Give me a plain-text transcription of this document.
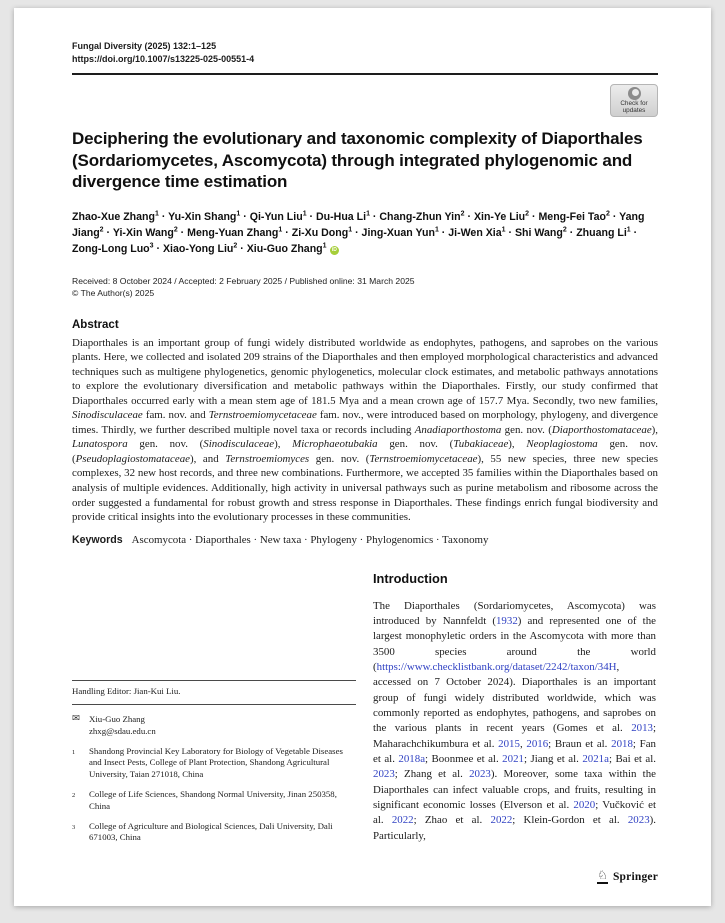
Fungal Diversity (2025) 132:1–125
https://doi.org/10.1007/s13225-025-00551-4
Check for
updates
Deciphering the evolutionary and taxonomic complexity of Diaporthales (Sordariomycetes, Ascomycota) through integrated phylogenomic and divergence time estimation
Zhao-Xue Zhang$^1$ · Yu-Xin Shang$^1$ · Qi-Yun Liu$^1$ · Du-Hua $Li^1$ · Chang-Zhun Yin$^2$ · Xin-Ye Liu$^2$ · Meng-Fei Tao$^2$ · Yang Jiang$^2$ · Yi-Xin Wang$^2$ · Meng-Yuan Zhang$^1$ · Zi-Xu Dong$^1$ · Jing-Xuan Yun$^1$ · Ji-Wen Xia$^1$ · Shi Wang$^2$ · Zhuang $Li^1$ · Zong-Long Luo$^3$ · Xiao-Yong Liu$^2$ · Xiu-Guo Zhang$^1$iD
Received: 8 October 2024 / Accepted: 2 February 2025 / Published online: 31 March 2025
© The Author(s) 2025
Abstract
Diaporthales is an important group of fungi widely distributed worldwide as endophytes, pathogens, and saprobes on the various plants. Here, we collected and isolated 209 strains of the Diaporthales and then employed morphological characteristics and advanced techniques such as multigene phylogenetics, genomic phylogenetics, molecular clock estimates, and metabolic pathways annotations to explore the evolutionary diversification and metabolic pathways within the Diaporthales. Firstly, our study confirmed that Diaporthales occurred early with a mean stem age of 181.5 Mya and a mean crown age of 157.7 Mya. Secondly, two new families, Sinodisculaceae fam. nov. and Ternstroemiomycetaceae fam. nov., were introduced based on morphology, phylogeny, and divergence times. Thirdly, we further described multiple novel taxa or records including Anadiaporthostoma gen. nov. (Diaporthostomataceae), Lunatospora gen. nov. (Sinodisculaceae), Microphaeotubakia gen. nov. (Tubakiaceae), Neoplagiostoma gen. nov. (Pseudoplagiostomataceae), and Ternstroemiomyces gen. nov. (Ternstroemiomycetaceae), 55 new species, three new species complexes, 32 new host records, and three new combinations. Furthermore, we accepted 35 families within the Diaporthales based on analysis of multiple evidences. Additionally, high activity in universal pathways such as purine metabolism and ribosome across the order suggested a fundamental for robust growth and stress response in Diaporthales. These findings enrich fungal biodiversity and provide critical insights into the evolutionary processes in these communities.
Keywords Ascomycota · Diaporthales · New taxa · Phylogeny · Phylogenomics · Taxonomy
Handling Editor: Jian-Kui Liu.
✉	Xiu-Guo Zhang
zhxg@sdau.edu.cn
1	Shandong Provincial Key Laboratory for Biology of Vegetable Diseases and Insect Pests, College of Plant Protection, Shandong Agricultural University, Taian 271018, China
2	College of Life Sciences, Shandong Normal University, Jinan 250358, China
3	College of Agriculture and Biological Sciences, Dali University, Dali 671003, China
Introduction
The Diaporthales (Sordariomycetes, Ascomycota) was introduced by Nannfeldt (1932) and represented one of the largest monophyletic orders in the Ascomycota with more than 3500 species around the world (https://www.checklistbank.org/dataset/2242/taxon/34H, accessed on 7 October 2024). Diaporthales is an important group of fungi widely distributed worldwide, which was commonly reported as endophytes, pathogens, and saprobes on the various plants in recent years (Gomes et al. 2013; Maharachchikumbura et al. 2015, 2016; Braun et al. 2018; Fan et al. 2018a; Boonmee et al. 2021; Jiang et al. 2021a; Bai et al. 2023; Zhang et al. 2023). Moreover, some taxa within the Diaporthales can infect valuable crops, and fruits, resulting in significant economic losses (Elverson et al. 2020; Vučković et al. 2022; Zhao et al. 2022; Klein-Gordon et al. 2023). Particularly,
♘ Springer
